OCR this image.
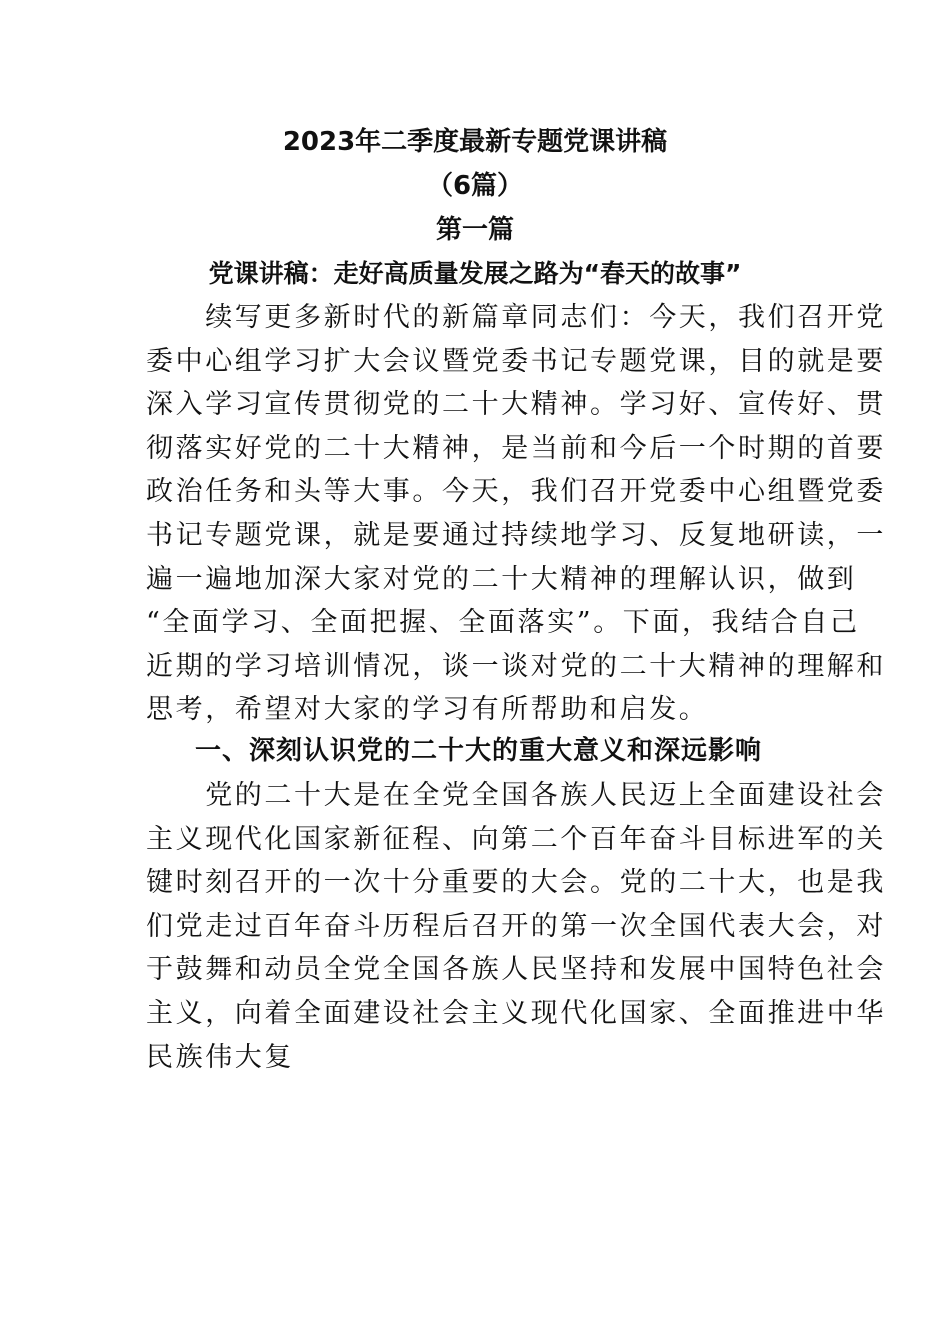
2023年二季度最新专题党课讲稿
（6篇）
第一篇
党课讲稿：走好高质量发展之路为“春天的故事”
　　续写更多新时代的新篇章同志们：今天，我们召开党
委中心组学习扩大会议暨党委书记专题党课，目的就是要
深入学习宣传贯彻党的二十大精神。学习好、宣传好、贯
彻落实好党的二十大精神，是当前和今后一个时期的首要
政治任务和头等大事。今天，我们召开党委中心组暨党委
书记专题党课，就是要通过持续地学习、反复地研读，一
遍一遍地加深大家对党的二十大精神的理解认识，做到
“全面学习、全面把握、全面落实”。下面，我结合自己
近期的学习培训情况，谈一谈对党的二十大精神的理解和
思考，希望对大家的学习有所帮助和启发。
一、深刻认识党的二十大的重大意义和深远影响
　　党的二十大是在全党全国各族人民迈上全面建设社会
主义现代化国家新征程、向第二个百年奋斗目标进军的关
键时刻召开的一次十分重要的大会。党的二十大，也是我
们党走过百年奋斗历程后召开的第一次全国代表大会，对
于鼓舞和动员全党全国各族人民坚持和发展中国特色社会
主义，向着全面建设社会主义现代化国家、全面推进中华
民族伟大复
